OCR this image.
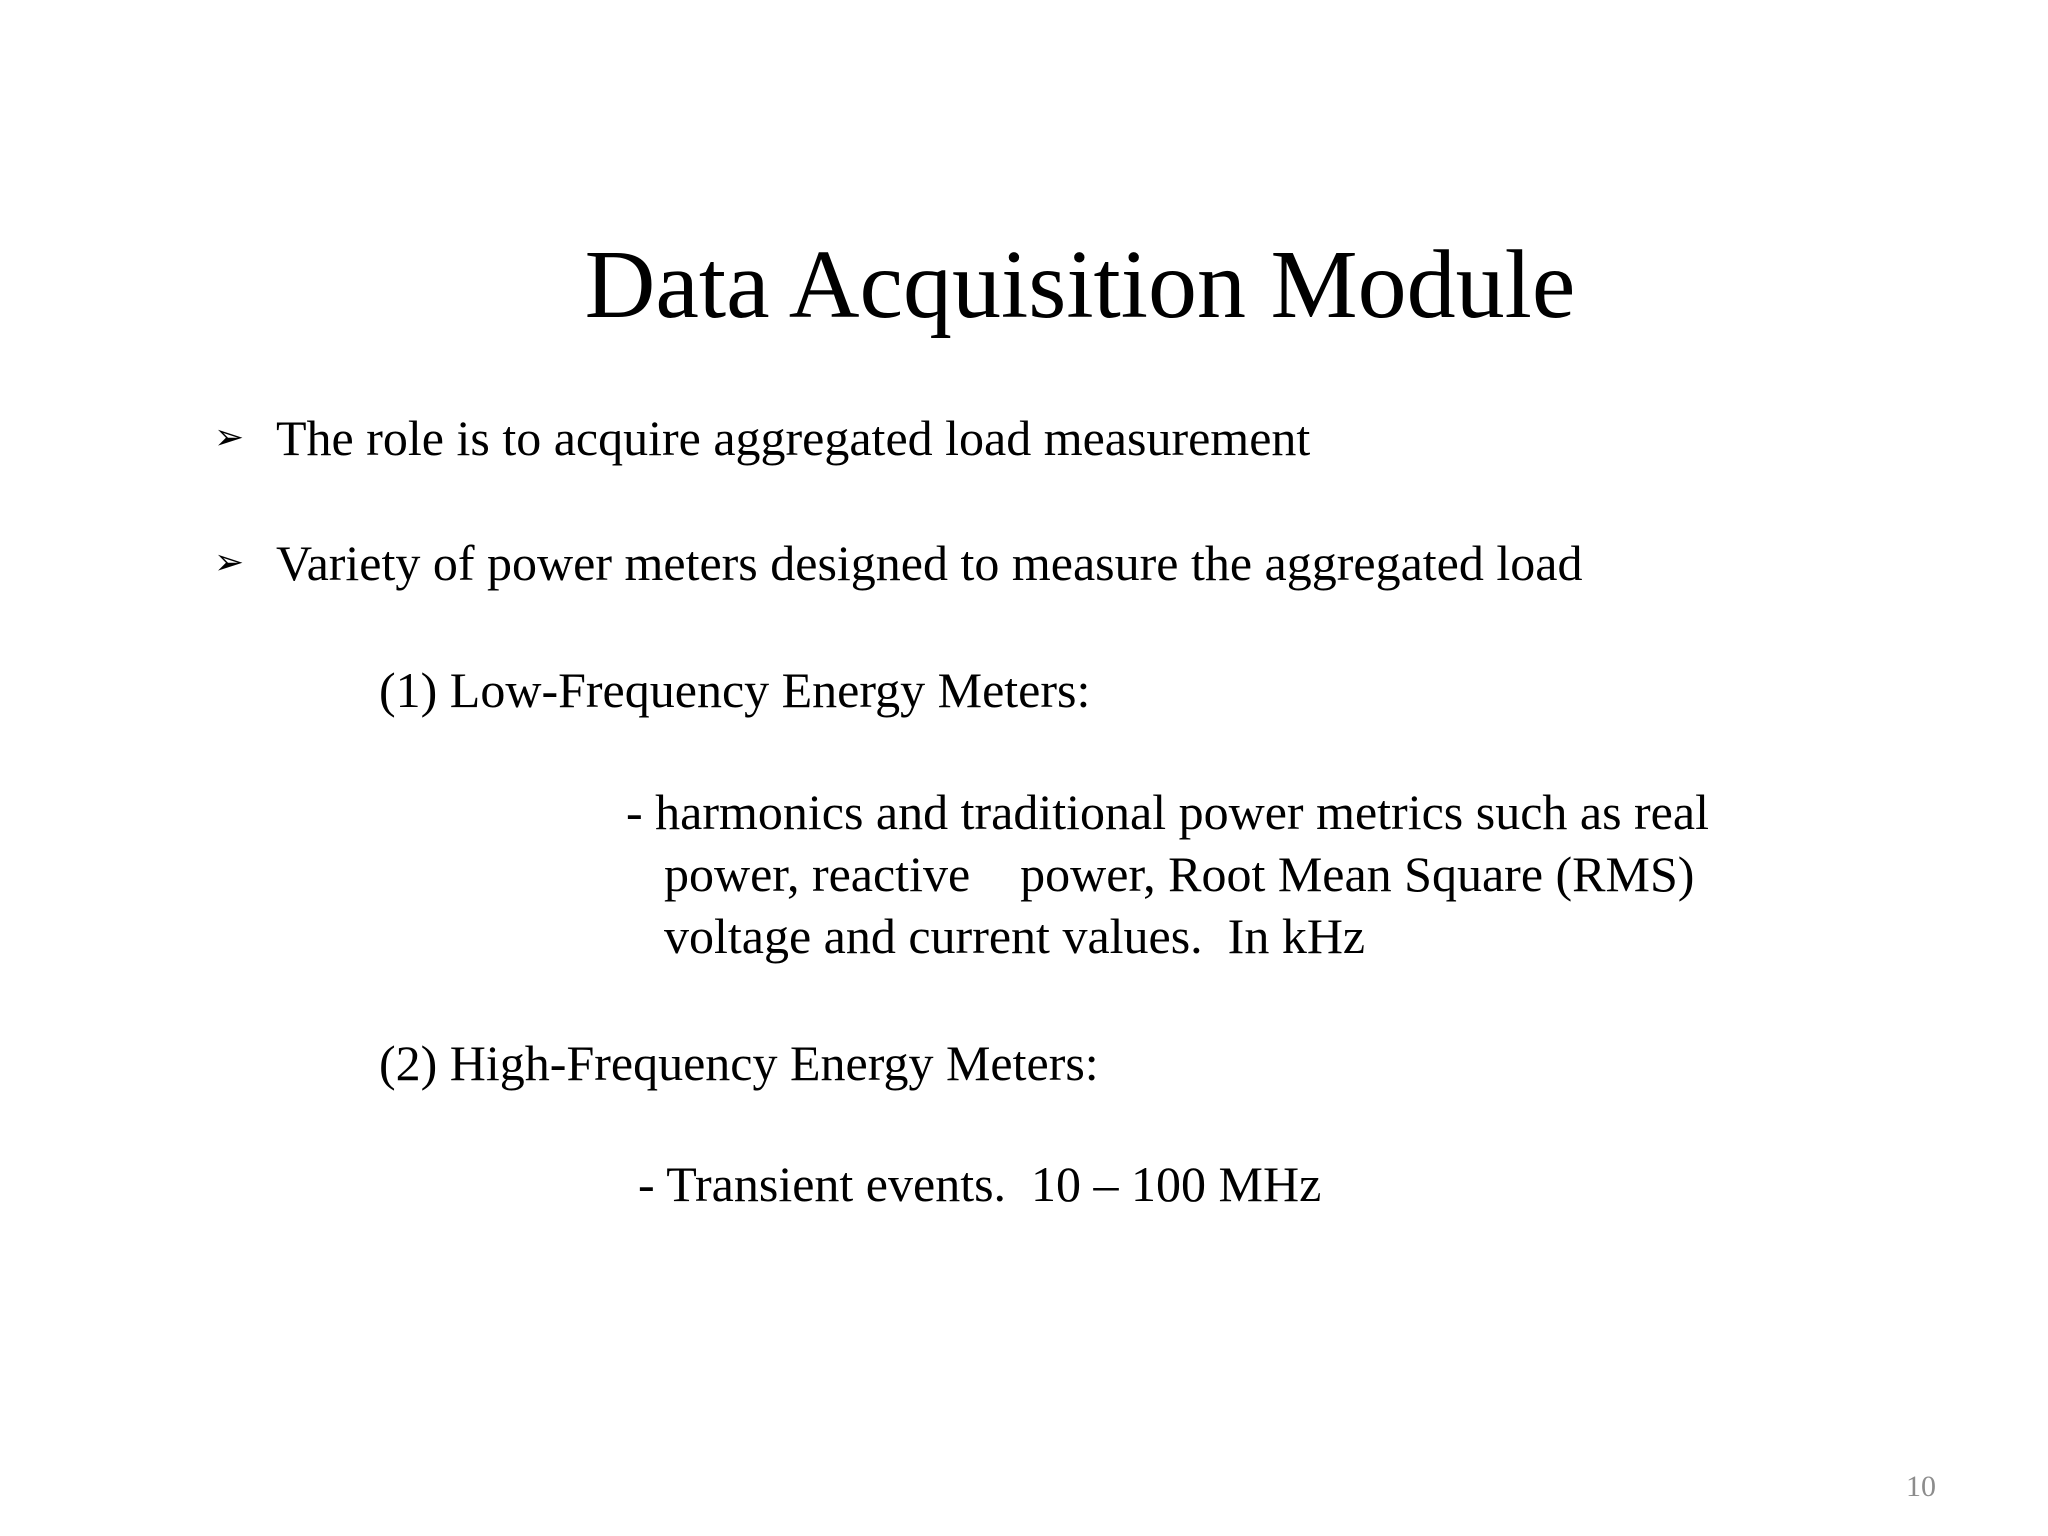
Data Acquisition Module
➢ The role is to acquire aggregated load measurement
➢ Variety of power meters designed to measure the aggregated load
(1) Low-Frequency Energy Meters:
- harmonics and traditional power metrics such as real
power, reactive    power, Root Mean Square (RMS)
voltage and current values.  In kHz
(2) High-Frequency Energy Meters:
- Transient events.  10 – 100 MHz
10
